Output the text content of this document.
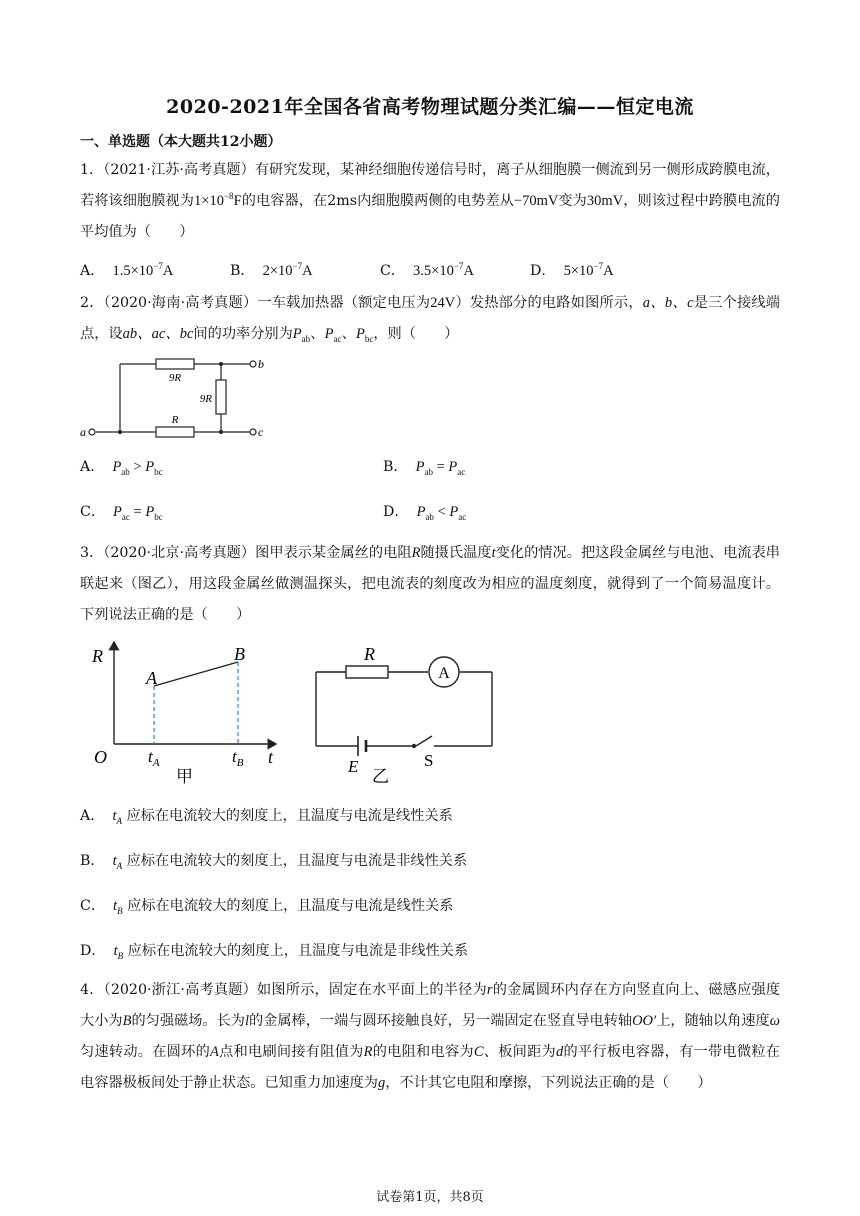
2020-2021年全国各省高考物理试题分类汇编——恒定电流
一、单选题（本大题共12小题）
1．（2021·江苏·高考真题）有研究发现，某神经细胞传递信号时，离子从细胞膜一侧流到另一侧形成跨膜电流，若将该细胞膜视为$1\times 10^{-8}F$的电容器，在2ms内细胞膜两侧的电势差从−70mV变为30mV，则该过程中跨膜电流的平均值为（　　）
A． $1.5\times 10^{-7}A$	B． $2\times 10^{-7}A$	C． $3.5\times 10^{-7}A$	D． $5\times 10^{-7}A$
2．（2020·海南·高考真题）一车载加热器（额定电压为24V）发热部分的电路如图所示，a、b、c是三个接线端点，设ab、ac、bc间的功率分别为$P_{ab}$、$P_{ac}$、$P_{bc}$，则（　　）
9R
9R
R
a
b
c
A． $P_{ab} > P_{bc}$	B． $P_{ab} = P_{ac}$
C． $P_{ac} = P_{bc}$	D． $P_{ab} < P_{ac}$
3．（2020·北京·高考真题）图甲表示某金属丝的电阻R随摄氏温度t变化的情况。把这段金属丝与电池、电流表串联起来（图乙），用这段金属丝做测温探头，把电流表的刻度改为相应的温度刻度，就得到了一个简易温度计。下列说法正确的是（　　）
R
t
O
A
B
$t_A$	$t_B$
甲
R
A
E	S
乙
A． $t_A$ 应标在电流较大的刻度上，且温度与电流是线性关系
B． $t_A$ 应标在电流较大的刻度上，且温度与电流是非线性关系
C． $t_B$ 应标在电流较大的刻度上，且温度与电流是线性关系
D． $t_B$ 应标在电流较大的刻度上，且温度与电流是非线性关系
4．（2020·浙江·高考真题）如图所示，固定在水平面上的半径为r的金属圆环内存在方向竖直向上、磁感应强度大小为B的匀强磁场。长为l的金属棒，一端与圆环接触良好，另一端固定在竖直导电转轴OO′上，随轴以角速度ω匀速转动。在圆环的A点和电刷间接有阻值为R的电阻和电容为C、板间距为d的平行板电容器，有一带电微粒在电容器极板间处于静止状态。已知重力加速度为g，不计其它电阻和摩擦，下列说法正确的是（　　）
试卷第1页，共8页
